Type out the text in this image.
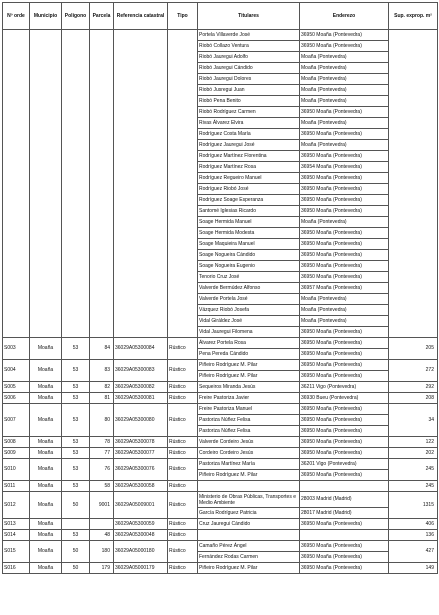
Nº orde	Municipio	Polígono	Parcela	Referencia catastral	Tipo	Titulares	Enderezo	Sup. exprop. m²
						Portela Villaverde José	36950 Moaña (Pontevedra)	
						Riobó Collazo Ventura	36950 Moaña (Pontevedra)	
						Riobó Jauregui Adolfo	Moaña (Pontevedra)	
						Riobó Jauregui Cándido	Moaña (Pontevedra)	
						Riobó Jauregui Dolores	Moaña (Pontevedra)	
						Riobó Jusregui Juan	Moaña (Pontevedra)	
						Riobó Pena Benito	Moaña (Pontevedra)	
						Riobó Rodríguez Carmen	36950 Moaña (Pontevedra)	
						Rivas Álvarez Elvira	Moaña (Pontevedra)	
						Rodríguez Costa María	36950 Moaña (Pontevedra)	
						Rodríguez Jauregui José	Moaña (Pontevedra)	
						Rodríguez Martínez Florentina	36950 Moaña (Pontevedra)	
						Rodríguez Martínez Rosa	36954 Moaña (Pontevedra)	
						Rodríguez Regueiro Manuel	36950 Moaña (Pontevedra)	
						Rodríguez Riobó José	36950 Moaña (Pontevedra)	
						Rodríguez Soage Esperanza	36950 Moaña (Pontevedra)	
						Santomé Iglesias Ricardo	36950 Moaña (Pontevedra)	
						Soage Hermida Manuel	Moaña (Pontevedra)	
						Soage Hermida Modesta	36950 Moaña (Pontevedra)	
						Soage Maquieira Manuel	36950 Moaña (Pontevedra)	
						Soage Nogueira Cándido	36950 Moaña (Pontevedra)	
						Soage Nogueira Eugenio	36950 Moaña (Pontevedra)	
						Tenorio Cruz José	36950 Moaña (Pontevedra)	
						Valverde Bermúdez Alfonso	36957 Moaña (Pontevedra)	
						Valverde Portela José	Moaña (Pontevedra)	
						Vázquez Riobó Josefa	Moaña (Pontevedra)	
						Vidal Giráldez José	Moaña (Pontevedra)	
						Vidal Jauregui Filomena	36950 Moaña (Pontevedra)	
S003	Moaña	53	84	36029A05300084	Rústico	Álvarez Portela Rosa	36950 Moaña (Pontevedra)	205
						Pena Pereda Cándido	36950 Moaña (Pontevedra)	
S004	Moaña	53	83	36029A05300083	Rústico	Piñeiro Rodríguez M. Pilar	36950 Moaña (Pontevedra)	272
						Piñeiro Rodríguez M. Pilar	36950 Moaña (Pontevedra)	
S005	Moaña	53	82	36029A05300082	Rústico	Sequeiros Miranda Jesús	36211 Vigo (Pontevedra)	292
S006	Moaña	53	81	36029A05300081	Rústico	Freire Pastoriza Javier	36930 Bueu (Pontevedra)	208
S007	Moaña	53	80	36029A05300080	Rústico	Freire Pastoriza Manuel	36950 Moaña (Pontevedra)	34
						Pastoriza Núñez Felisa	36950 Moaña (Pontevedra)	
						Pastoriza Núñez Felisa	36950 Moaña (Pontevedra)	
S008	Moaña	53	78	36029A05300078	Rústico	Valverde Cordeiro Jesús	36950 Moaña (Pontevedra)	122
S009	Moaña	53	77	36029A05300077	Rústico	Cordeiro Cordeiro Jesús	36950 Moaña (Pontevedra)	202
S010	Moaña	53	76	36029A05300076	Rústico	Pastoriza Martínez María	36201 Vigo (Pontevedra)	245
						Piñeiro Rodríguez M. Pilar	36950 Moaña (Pontevedra)	
S011	Moaña	53	58	36029A05300058	Rústico			245
S012	Moaña	50	9001	36029A05009001	Rústico	Ministerio de Obras Públicas, Transportes e Medio Ambiente	28003 Madrid (Madrid)	1315
						García Rodríguez Patricia	28017 Madrid (Madrid)	
S013	Moaña			36029A05300059	Rústico	Cruz Jauregui Cándido	36950 Moaña (Pontevedra)	406
S014	Moaña	53	48	36029A05300048	Rústico			136
S015	Moaña	50	180	36029A05000180	Rústico	Camaño Pérez Ángel	36950 Moaña (Pontevedra)	427
						Fernández Rodas Carmen	36950 Moaña (Pontevedra)	
S016	Moaña	50	179	36029A05000179	Rústico	Piñeiro Rodríguez M. Pilar	36950 Moaña (Pontevedra)	149
